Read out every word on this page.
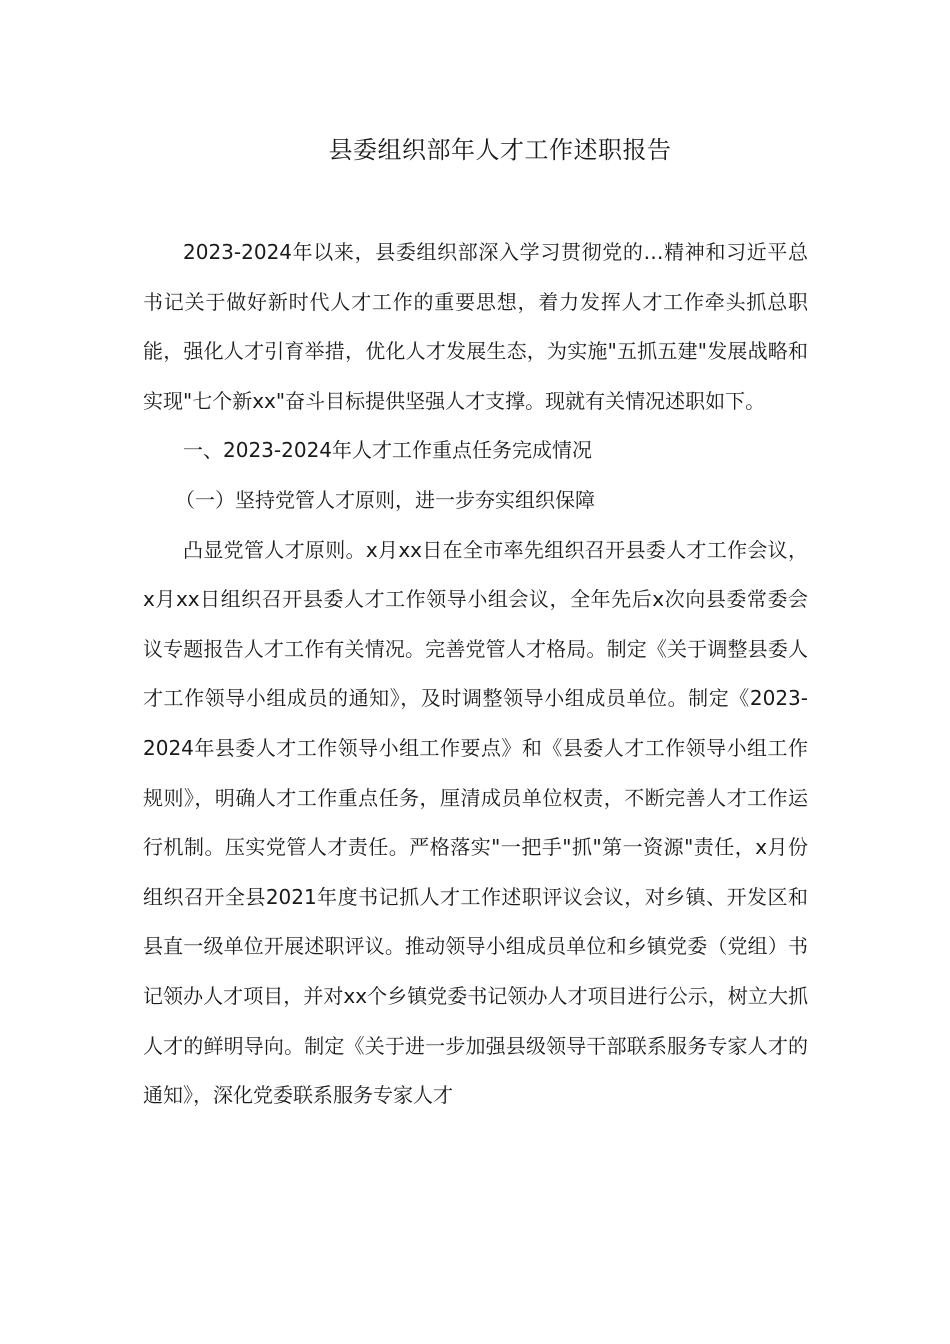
县委组织部年人才工作述职报告

2023-2024年以来，县委组织部深入学习贯彻党的…精神和习近平总书记关于做好新时代人才工作的重要思想，着力发挥人才工作牵头抓总职能，强化人才引育举措，优化人才发展生态，为实施"五抓五建"发展战略和实现"七个新xx"奋斗目标提供坚强人才支撑。现就有关情况述职如下。

一、2023-2024年人才工作重点任务完成情况

（一）坚持党管人才原则，进一步夯实组织保障

凸显党管人才原则。x月xx日在全市率先组织召开县委人才工作会议，x月xx日组织召开县委人才工作领导小组会议，全年先后x次向县委常委会议专题报告人才工作有关情况。完善党管人才格局。制定《关于调整县委人才工作领导小组成员的通知》，及时调整领导小组成员单位。制定《2023-2024年县委人才工作领导小组工作要点》和《县委人才工作领导小组工作规则》，明确人才工作重点任务，厘清成员单位权责，不断完善人才工作运行机制。压实党管人才责任。严格落实"一把手"抓"第一资源"责任，x月份组织召开全县2021年度书记抓人才工作述职评议会议，对乡镇、开发区和县直一级单位开展述职评议。推动领导小组成员单位和乡镇党委（党组）书记领办人才项目，并对xx个乡镇党委书记领办人才项目进行公示，树立大抓人才的鲜明导向。制定《关于进一步加强县级领导干部联系服务专家人才的通知》，深化党委联系服务专家人才
